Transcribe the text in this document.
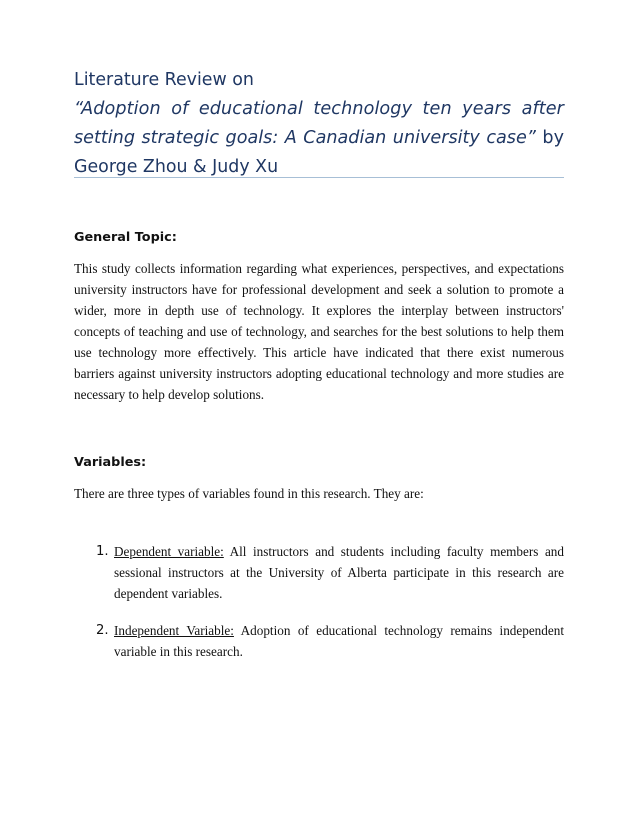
Literature Review on
“Adoption of educational technology ten years after
setting strategic goals: A Canadian university case” by
George Zhou & Judy Xu
General Topic:

This study collects information regarding what experiences, perspectives, and expectations university instructors have for professional development and seek a solution to promote a wider, more in depth use of technology. It explores the interplay between instructors' concepts of teaching and use of technology, and searches for the best solutions to help them use technology more effectively. This article have indicated that there exist numerous barriers against university instructors adopting educational technology and more studies are necessary to help develop solutions.

Variables:

There are three types of variables found in this research. They are:

1. Dependent variable: All instructors and students including faculty members and sessional instructors at the University of Alberta participate in this research are dependent variables.
2. Independent Variable: Adoption of educational technology remains independent variable in this research.
